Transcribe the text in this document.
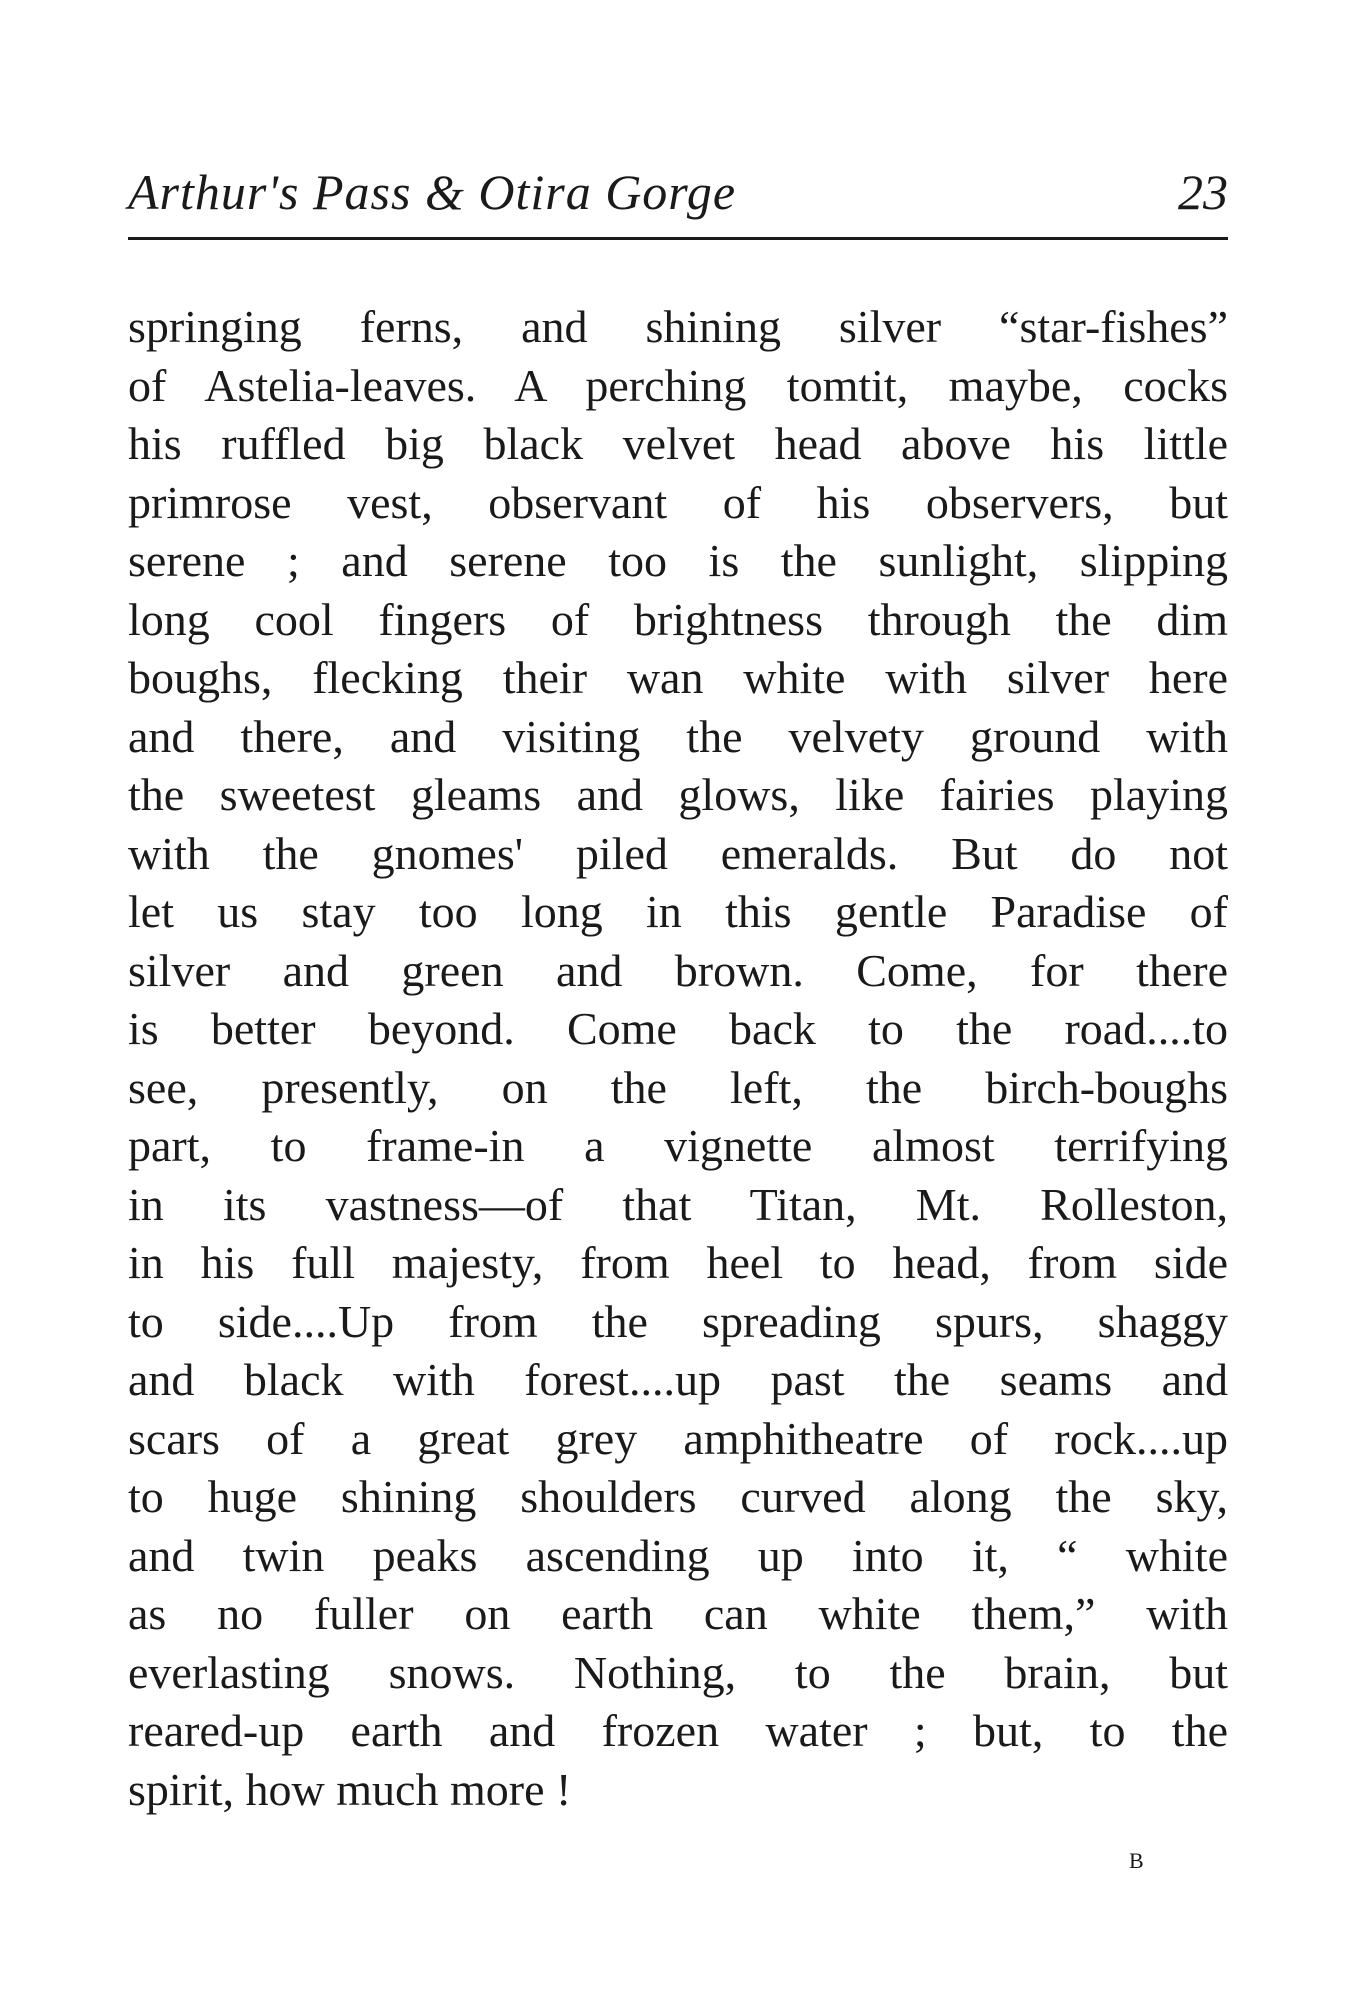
Arthur's Pass & Otira Gorge	23
springing ferns, and shining silver “star-fishes”
of Astelia-leaves. A perching tomtit, maybe, cocks
his ruffled big black velvet head above his little
primrose vest, observant of his observers, but
serene ; and serene too is the sunlight, slipping
long cool fingers of brightness through the dim
boughs, flecking their wan white with silver here
and there, and visiting the velvety ground with
the sweetest gleams and glows, like fairies playing
with the gnomes' piled emeralds. But do not
let us stay too long in this gentle Paradise of
silver and green and brown. Come, for there
is better beyond. Come back to the road....to
see, presently, on the left, the birch-boughs
part, to frame-in a vignette almost terrifying
in its vastness—of that Titan, Mt. Rolleston,
in his full majesty, from heel to head, from side
to side....Up from the spreading spurs, shaggy
and black with forest....up past the seams and
scars of a great grey amphitheatre of rock....up
to huge shining shoulders curved along the sky,
and twin peaks ascending up into it, “ white
as no fuller on earth can white them,” with
everlasting snows. Nothing, to the brain, but
reared-up earth and frozen water ; but, to the
spirit, how much more !
B
